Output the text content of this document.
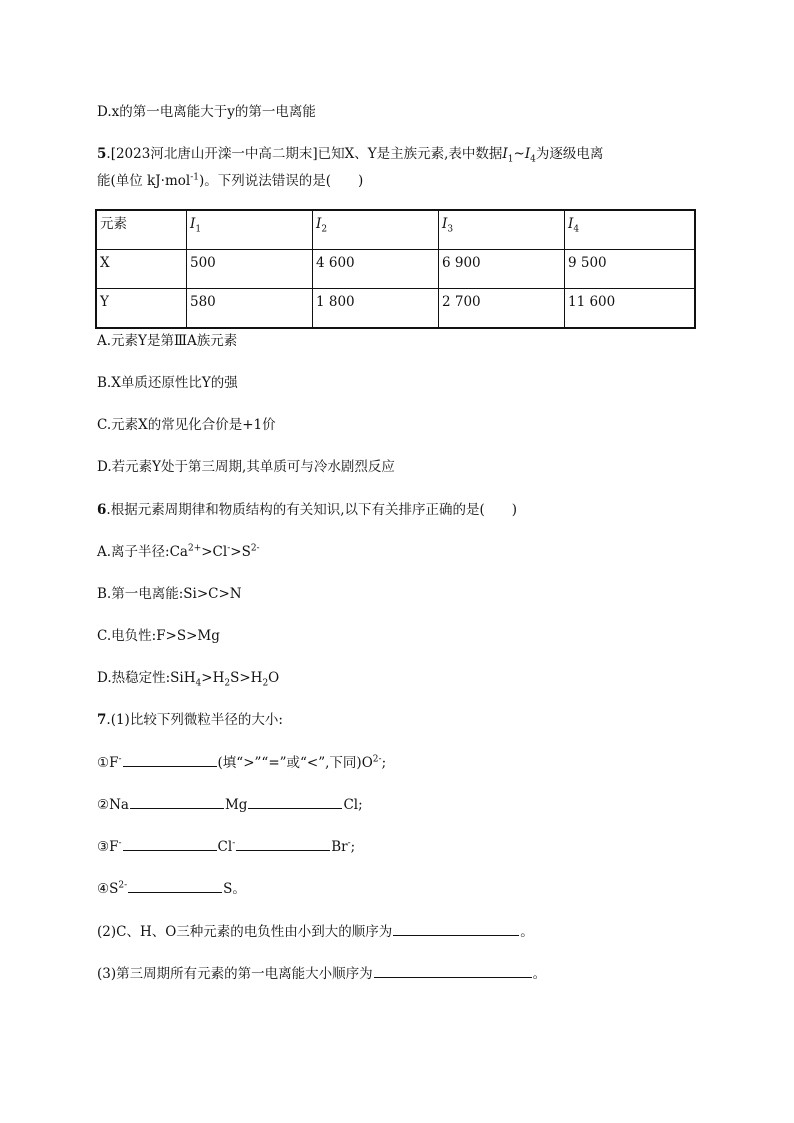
D.x的第一电离能大于y的第一电离能
5.[2023河北唐山开滦一中高二期末]已知X、Y是主族元素,表中数据$I_1\sim I_4$为逐级电离
能(单位 kJ·mol$^{-1}$)。下列说法错误的是(　　)
元素	$I_1$	$I_2$	$I_3$	$I_4$
X	500	4 600	6 900	9 500
Y	580	1 800	2 700	11 600
A.元素Y是第ⅢA族元素
B.X单质还原性比Y的强
C.元素X的常见化合价是+1价
D.若元素Y处于第三周期,其单质可与冷水剧烈反应
6.根据元素周期律和物质结构的有关知识,以下有关排序正确的是(　　)
A.离子半径$:Ca^{2+}>Cl^->S^{2-}$
B.第一电离能:Si>C>N
C.电负性:F>S>Mg
D.热稳定性$:SiH_4>H_2S>H_2O$
7.(1)比较下列微粒半径的大小:
①F-	(填“>”“=”或“<”,下同)$O^{2-}$;
②Na	Mg	Cl;
③F-	Cl-	Br-;
$④S^{2-}$	S。
(2)C、H、O三种元素的电负性由小到大的顺序为	。
(3)第三周期所有元素的第一电离能大小顺序为	。
